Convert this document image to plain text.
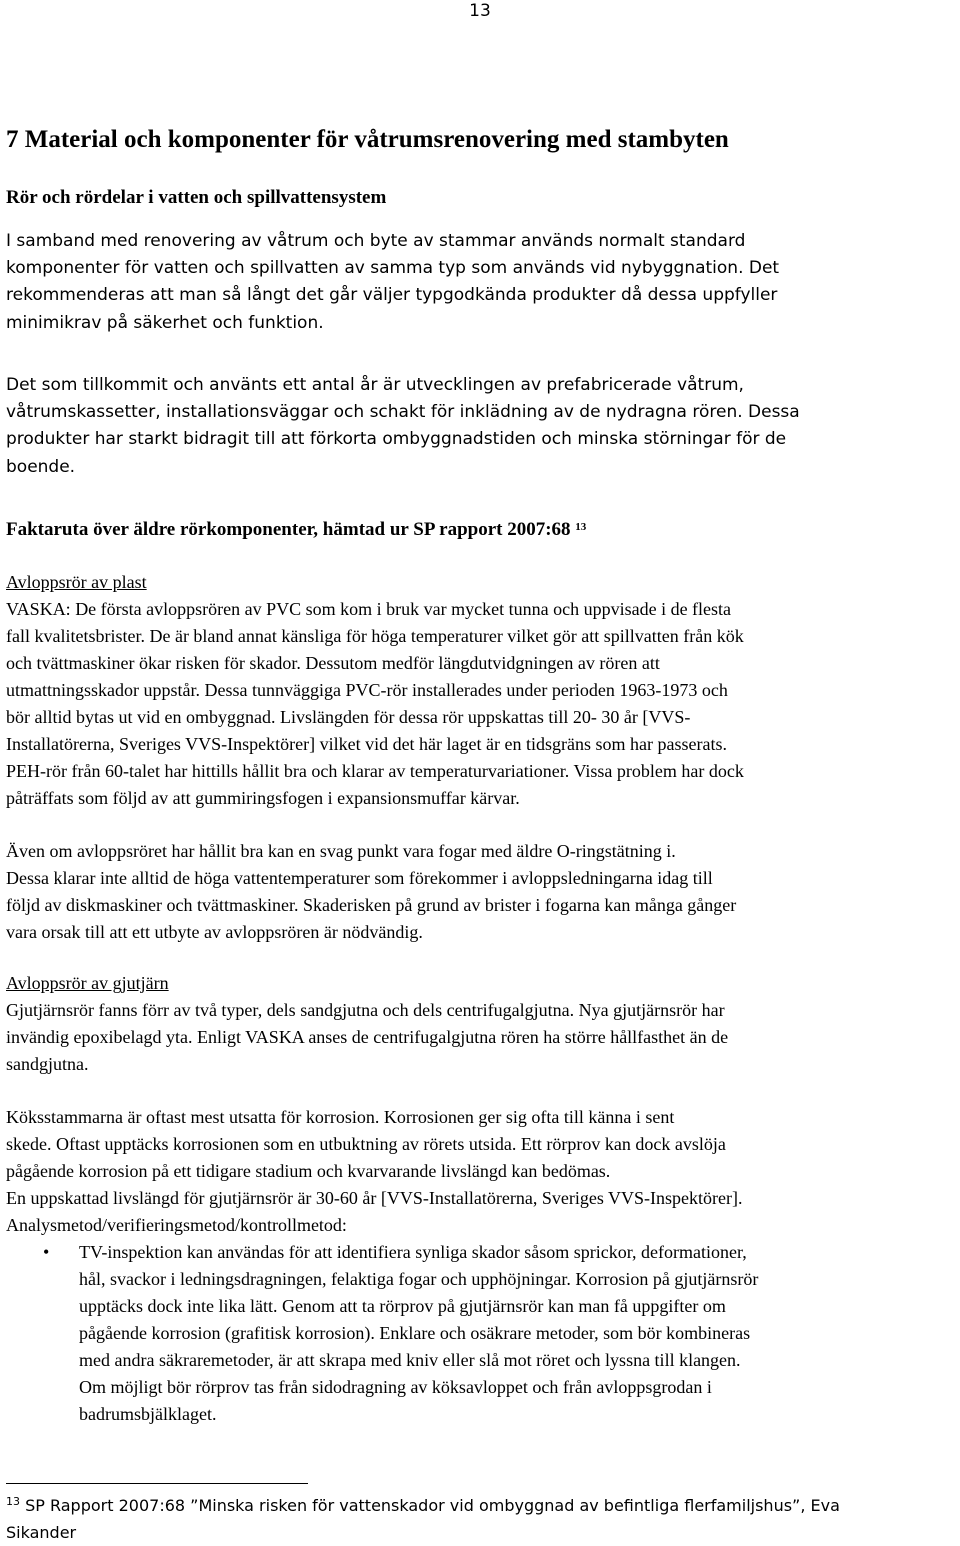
13
7 Material och komponenter för våtrumsrenovering med stambyten
Rör och rördelar i vatten och spillvattensystem
I samband med renovering av våtrum och byte av stammar används normalt standard
komponenter för vatten och spillvatten av samma typ som används vid nybyggnation. Det
rekommenderas att man så långt det går väljer typgodkända produkter då dessa uppfyller
minimikrav på säkerhet och funktion.
Det som tillkommit och använts ett antal år är utvecklingen av prefabricerade våtrum,
våtrumskassetter, installationsväggar och schakt för inklädning av de nydragna rören. Dessa
produkter har starkt bidragit till att förkorta ombyggnadstiden och minska störningar för de
boende.
Faktaruta över äldre rörkomponenter, hämtad ur SP rapport 2007:68 $^{13}$
Avloppsrör av plast
VASKA: De första avloppsrören av PVC som kom i bruk var mycket tunna och uppvisade i de flesta
fall kvalitetsbrister. De är bland annat känsliga för höga temperaturer vilket gör att spillvatten från kök
och tvättmaskiner ökar risken för skador. Dessutom medför längdutvidgningen av rören att
utmattningsskador uppstår. Dessa tunnväggiga PVC-rör installerades under perioden 1963-1973 och
bör alltid bytas ut vid en ombyggnad. Livslängden för dessa rör uppskattas till 20- 30 år [VVS-
Installatörerna, Sveriges VVS-Inspektörer] vilket vid det här laget är en tidsgräns som har passerats.
PEH-rör från 60-talet har hittills hållit bra och klarar av temperaturvariationer. Vissa problem har dock
påträffats som följd av att gummiringsfogen i expansionsmuffar kärvar.
Även om avloppsröret har hållit bra kan en svag punkt vara fogar med äldre O-ringstätning i.
Dessa klarar inte alltid de höga vattentemperaturer som förekommer i avloppsledningarna idag till
följd av diskmaskiner och tvättmaskiner. Skaderisken på grund av brister i fogarna kan många gånger
vara orsak till att ett utbyte av avloppsrören är nödvändig.
Avloppsrör av gjutjärn
Gjutjärnsrör fanns förr av två typer, dels sandgjutna och dels centrifugalgjutna. Nya gjutjärnsrör har
invändig epoxibelagd yta. Enligt VASKA anses de centrifugalgjutna rören ha större hållfasthet än de
sandgjutna.
Köksstammarna är oftast mest utsatta för korrosion. Korrosionen ger sig ofta till känna i sent
skede. Oftast upptäcks korrosionen som en utbuktning av rörets utsida. Ett rörprov kan dock avslöja
pågående korrosion på ett tidigare stadium och kvarvarande livslängd kan bedömas.
En uppskattad livslängd för gjutjärnsrör är 30-60 år [VVS-Installatörerna, Sveriges VVS-Inspektörer].
Analysmetod/verifieringsmetod/kontrollmetod:
• TV-inspektion kan användas för att identifiera synliga skador såsom sprickor, deformationer,
hål, svackor i ledningsdragningen, felaktiga fogar och upphöjningar. Korrosion på gjutjärnsrör
upptäcks dock inte lika lätt. Genom att ta rörprov på gjutjärnsrör kan man få uppgifter om
pågående korrosion (grafitisk korrosion). Enklare och osäkrare metoder, som bör kombineras
med andra säkraremetoder, är att skrapa med kniv eller slå mot röret och lyssna till klangen.
Om möjligt bör rörprov tas från sidodragning av köksavloppet och från avloppsgrodan i
badrumsbjälklaget.
$^{13}$ SP Rapport 2007:68 ”Minska risken för vattenskador vid ombyggnad av befintliga flerfamiljshus”, Eva
Sikander
